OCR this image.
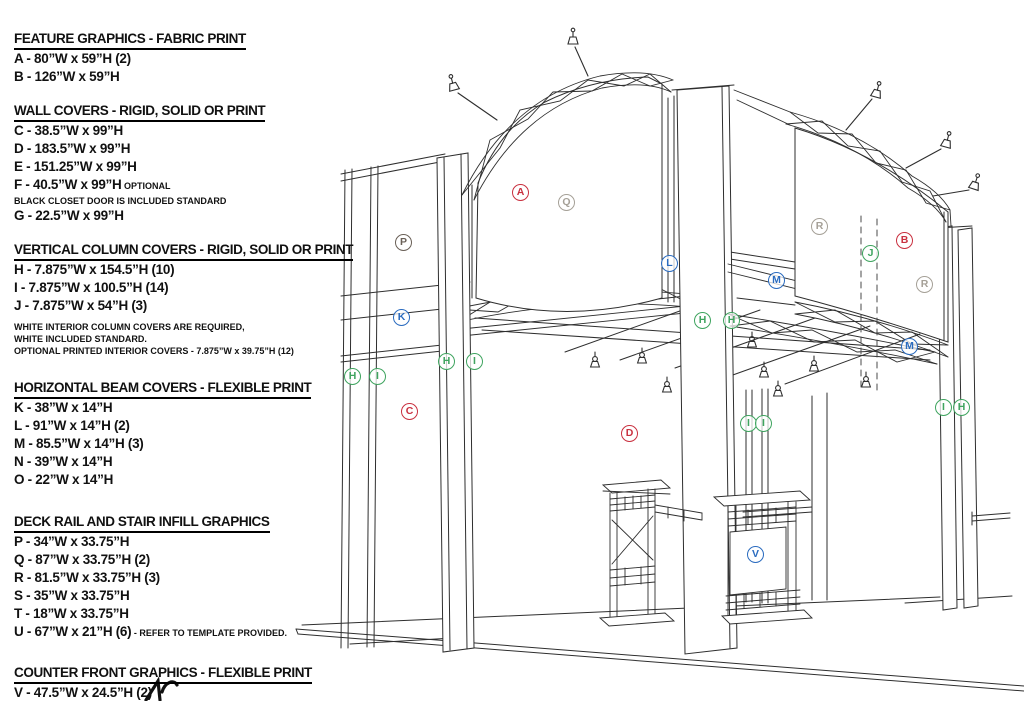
FEATURE GRAPHICS - FABRIC PRINT
A - 80”W x 59”H (2)
B - 126”W x 59”H
WALL COVERS - RIGID, SOLID OR PRINT
C - 38.5”W x 99”H
D - 183.5”W x 99”H
E - 151.25”W x 99”H
F - 40.5”W x 99”H OPTIONAL
BLACK CLOSET DOOR IS INCLUDED STANDARD
G - 22.5”W x 99”H
VERTICAL COLUMN COVERS - RIGID, SOLID OR PRINT
H - 7.875”W x 154.5”H (10)
I - 7.875”W x 100.5”H (14)
J - 7.875”W x 54”H (3)
WHITE INTERIOR COLUMN COVERS ARE REQUIRED,
WHITE INCLUDED STANDARD.
OPTIONAL PRINTED INTERIOR COVERS - 7.875”W x 39.75”H (12)
HORIZONTAL BEAM COVERS - FLEXIBLE PRINT
K - 38”W x 14”H
L - 91”W x 14”H (2)
M - 85.5”W x 14”H (3)
N - 39”W x 14”H
O - 22”W x 14”H
DECK RAIL AND STAIR INFILL GRAPHICS
P - 34”W x 33.75”H
Q - 87”W x 33.75”H (2)
R - 81.5”W x 33.75”H (3)
S - 35”W x 33.75”H
T - 18”W x 33.75”H
U - 67”W x 21”H (6) - REFER TO TEMPLATE PROVIDED.
COUNTER FRONT GRAPHICS - FLEXIBLE PRINT
V - 47.5”W x 24.5”H (2)
A
Q
P
R
B
J
L
M	R
K	H	H
M
H	I
H	I
I	H
C
I	I
D
V
